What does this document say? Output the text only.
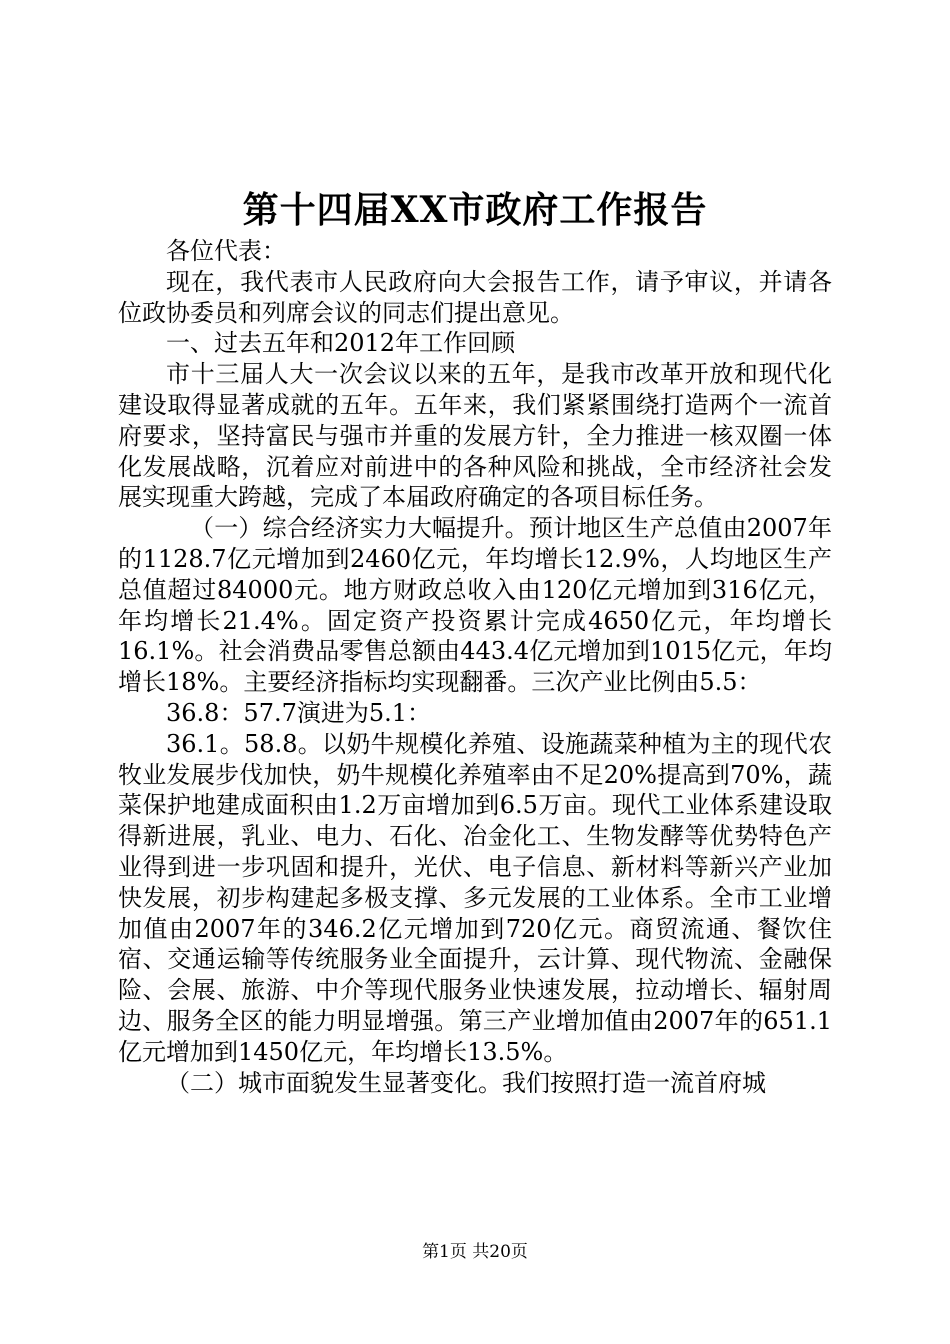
第十四届XX市政府工作报告

各位代表：

现在，我代表市人民政府向大会报告工作，请予审议，并请各位政协委员和列席会议的同志们提出意见。

一、过去五年和2012年工作回顾

市十三届人大一次会议以来的五年，是我市改革开放和现代化建设取得显著成就的五年。五年来，我们紧紧围绕打造两个一流首府要求，坚持富民与强市并重的发展方针，全力推进一核双圈一体化发展战略，沉着应对前进中的各种风险和挑战，全市经济社会发展实现重大跨越，完成了本届政府确定的各项目标任务。

（一）综合经济实力大幅提升。预计地区生产总值由2007年的1128.7亿元增加到2460亿元，年均增长12.9%，人均地区生产总值超过84000元。地方财政总收入由120亿元增加到316亿元，年均增长21.4%。固定资产投资累计完成4650亿元，年均增长16.1%。社会消费品零售总额由443.4亿元增加到1015亿元，年均增长18%。主要经济指标均实现翻番。三次产业比例由5.5：

36.8：57.7演进为5.1：

36.1。58.8。以奶牛规模化养殖、设施蔬菜种植为主的现代农牧业发展步伐加快，奶牛规模化养殖率由不足20%提高到70%，蔬菜保护地建成面积由1.2万亩增加到6.5万亩。现代工业体系建设取得新进展，乳业、电力、石化、冶金化工、生物发酵等优势特色产业得到进一步巩固和提升，光伏、电子信息、新材料等新兴产业加快发展，初步构建起多极支撑、多元发展的工业体系。全市工业增加值由2007年的346.2亿元增加到720亿元。商贸流通、餐饮住宿、交通运输等传统服务业全面提升，云计算、现代物流、金融保险、会展、旅游、中介等现代服务业快速发展，拉动增长、辐射周边、服务全区的能力明显增强。第三产业增加值由2007年的651.1亿元增加到1450亿元，年均增长13.5%。

（二）城市面貌发生显著变化。我们按照打造一流首府城

第1页 共20页
